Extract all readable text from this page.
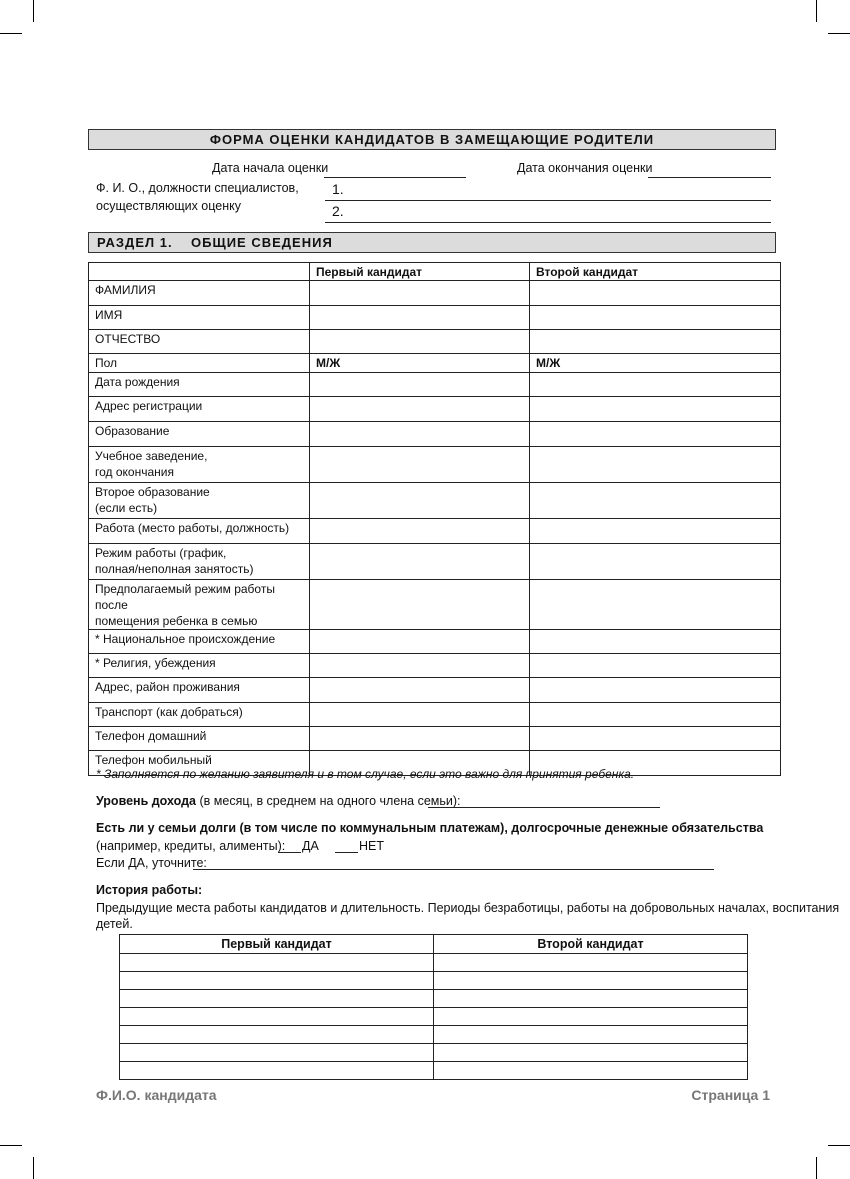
ФОРМА ОЦЕНКИ КАНДИДАТОВ В ЗАМЕЩАЮЩИЕ РОДИТЕЛИ
Дата начала оценки	Дата окончания оценки
Ф. И. О., должности специалистов,
осуществляющих оценку
1.
2.
РАЗДЕЛ 1. ОБЩИЕ СВЕДЕНИЯ
	Первый кандидат	Второй кандидат

ФАМИЛИЯ		

ИМЯ		

ОТЧЕСТВО		

Пол	М/Ж	М/Ж

Дата рождения		

Адрес регистрации		

Образование		

Учебное заведение,
год окончания		

Второе образование
(если есть)		

Работа (место работы, должность)		

Режим работы (график,
полная/неполная занятость)		

Предполагаемый режим работы после
помещения ребенка в семью		

* Национальное происхождение		

* Религия, убеждения		

Адрес, район проживания		

Транспорт (как добраться)		

Телефон домашний		

Телефон мобильный		

* Заполняется по желанию заявителя и в том случае, если это важно для принятия ребенка.
Уровень дохода (в месяц, в среднем на одного члена семьи):
Есть ли у семьи долги (в том числе по коммунальным платежам), долгосрочные денежные обязательства
(например, кредиты, алименты): ДА	НЕТ
Если ДА, уточните:
История работы:
Предыдущие места работы кандидатов и длительность. Периоды безработицы, работы на добровольных началах, воспитания
детей.
Первый кандидат	Второй кандидат

Ф.И.О. кандидата	Страница 1
